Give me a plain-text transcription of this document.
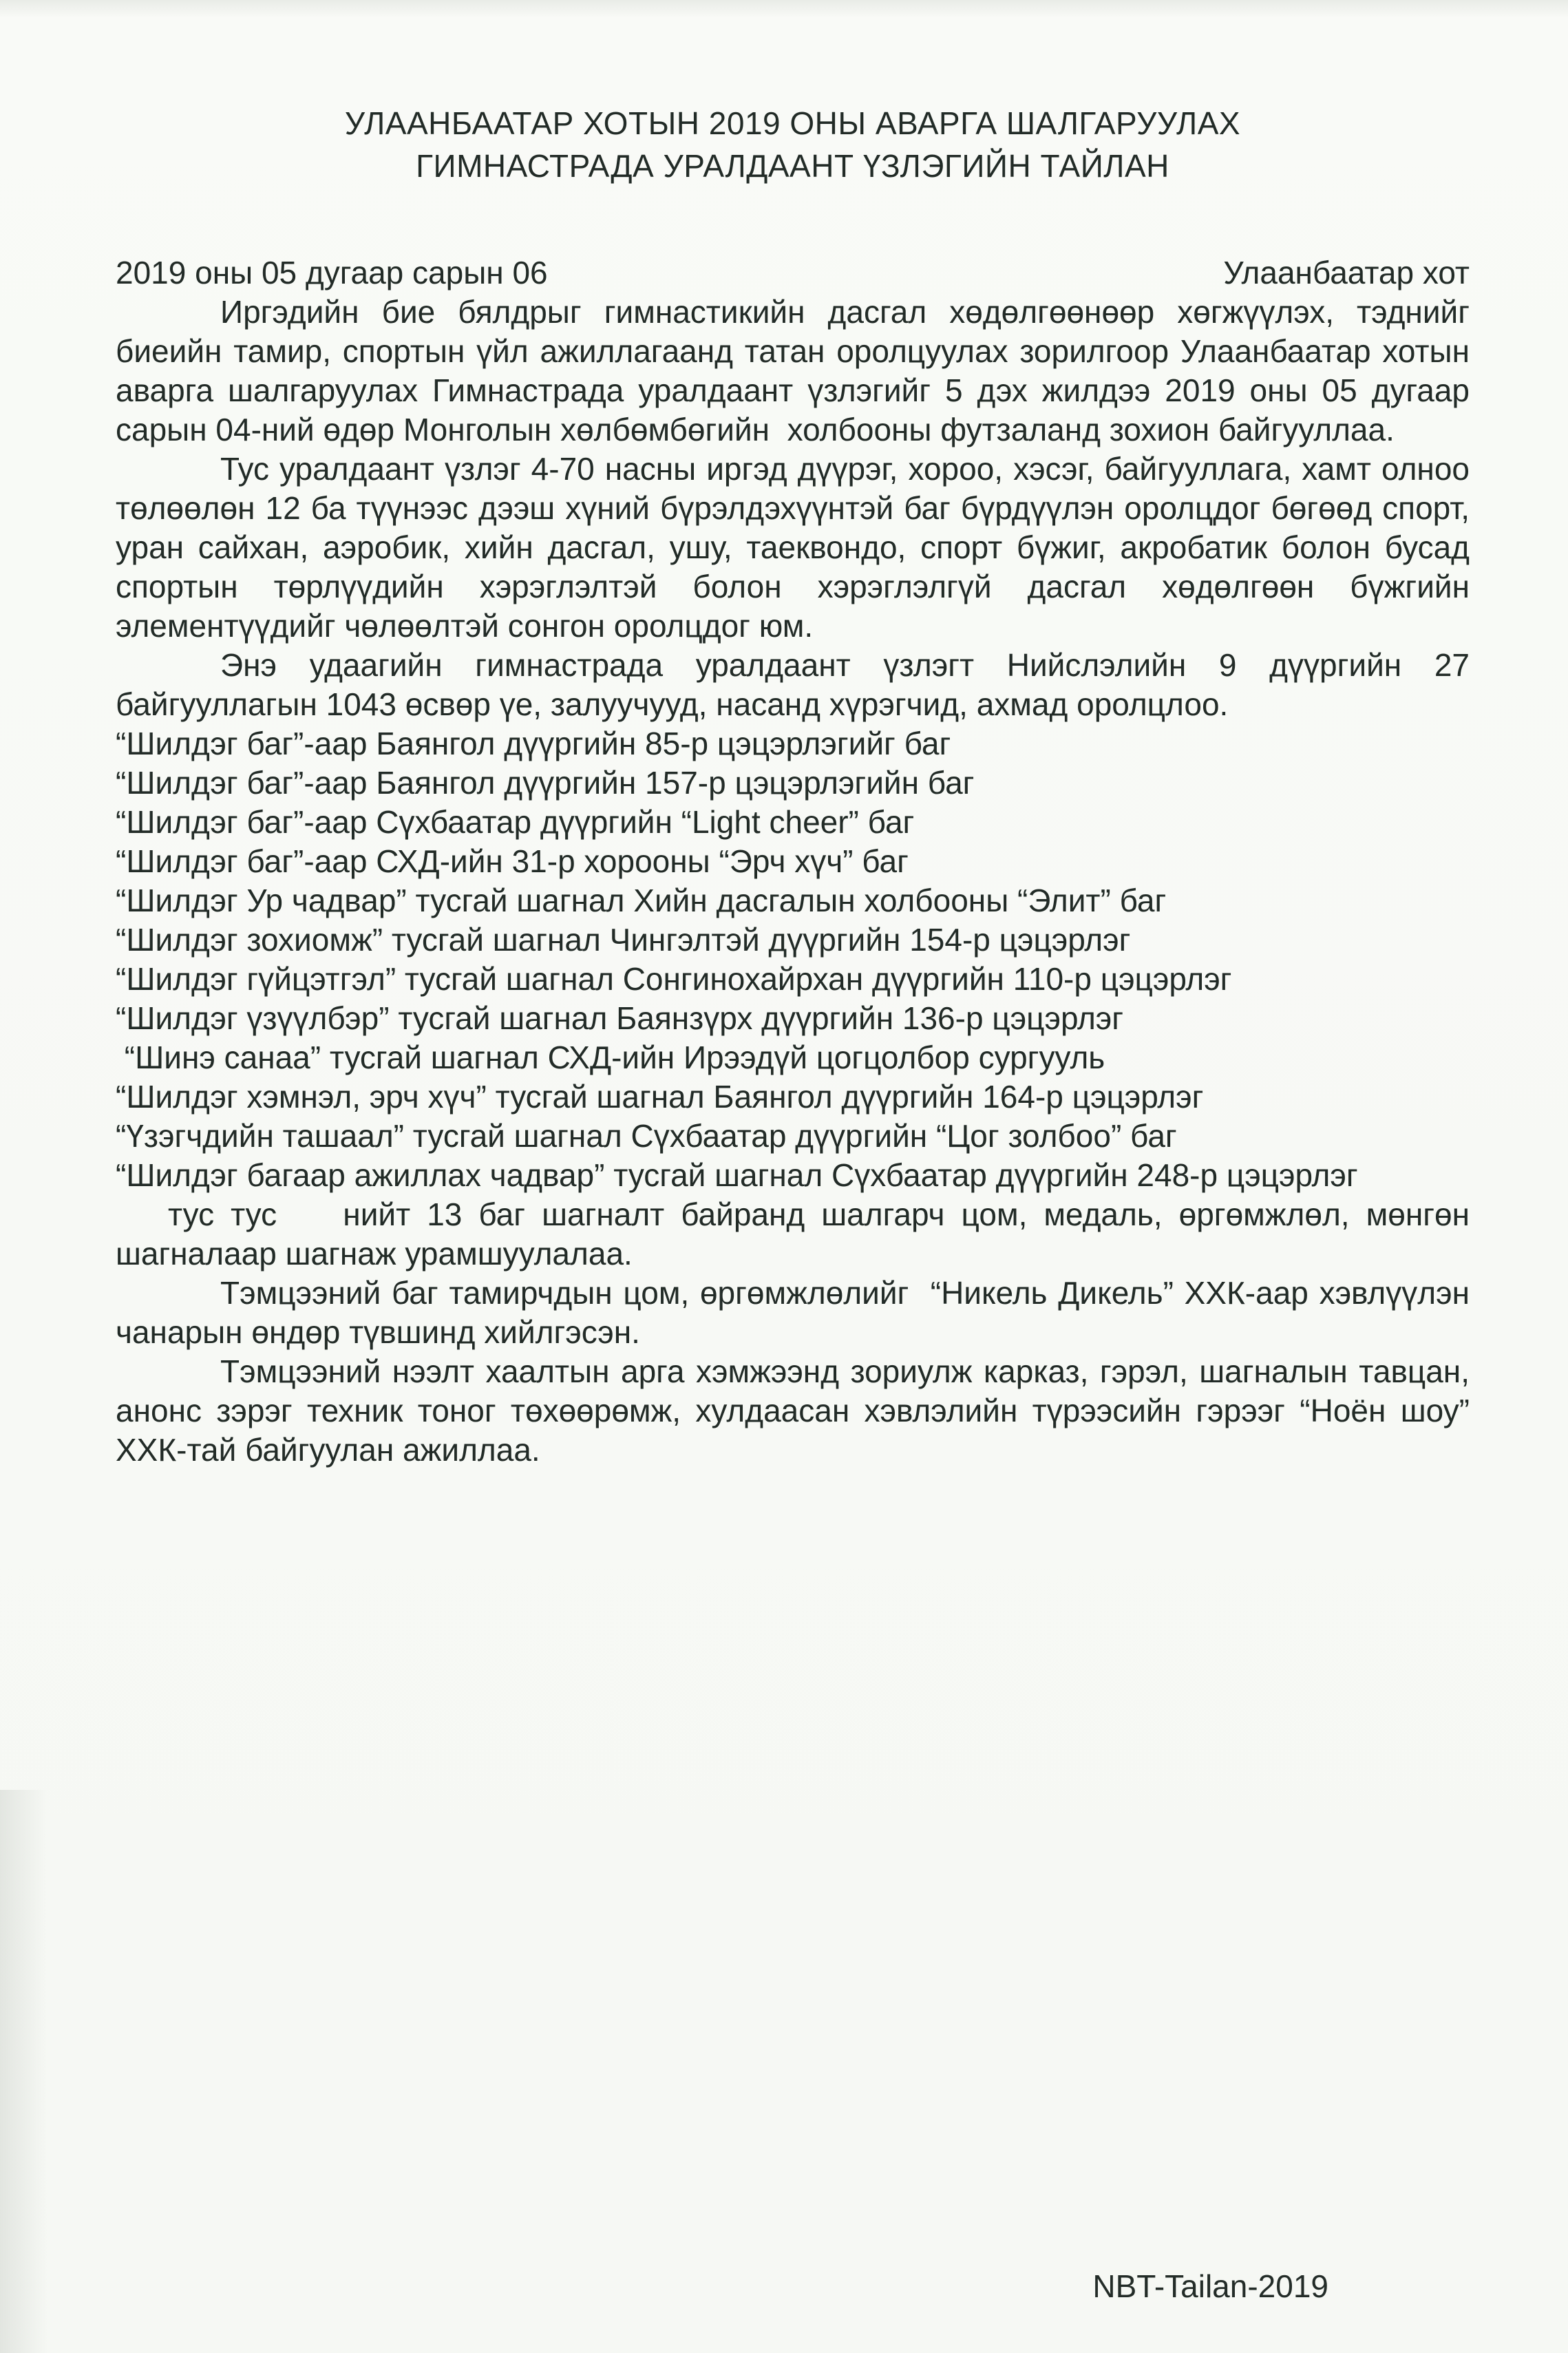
УЛААНБААТАР ХОТЫН 2019 ОНЫ АВАРГА ШАЛГАРУУЛАХ
ГИМНАСТРАДА УРАЛДААНТ ҮЗЛЭГИЙН ТАЙЛАН
2019 оны 05 дугаар сарын 06	Улаанбаатар хот

Иргэдийн бие бялдрыг гимнастикийн дасгал хөдөлгөөнөөр хөгжүүлэх, тэднийг биеийн тамир, спортын үйл ажиллагаанд татан оролцуулах зорилгоор Улаанбаатар хотын аварга шалгаруулах Гимнастрада уралдаант үзлэгийг 5 дэх жилдээ 2019 оны 05 дугаар сарын 04-ний өдөр Монголын хөлбөмбөгийн  холбооны футзаланд зохион байгууллаа.

Тус уралдаант үзлэг 4-70 насны иргэд дүүрэг, хороо, хэсэг, байгууллага, хамт олноо төлөөлөн 12 ба түүнээс дээш хүний бүрэлдэхүүнтэй баг бүрдүүлэн оролцдог бөгөөд спорт, уран сайхан, аэробик, хийн дасгал, ушу, таеквондо, спорт бүжиг, акробатик болон бусад спортын төрлүүдийн хэрэглэлтэй болон хэрэглэлгүй дасгал хөдөлгөөн бүжгийн элементүүдийг чөлөөлтэй сонгон оролцдог юм.

Энэ удаагийн гимнастрада уралдаант үзлэгт Нийслэлийн 9 дүүргийн 27 байгууллагын 1043 өсвөр үе, залуучууд, насанд хүрэгчид, ахмад оролцлоо.

“Шилдэг баг”-аар Баянгол дүүргийн 85-р цэцэрлэгийг баг
“Шилдэг баг”-аар Баянгол дүүргийн 157-р цэцэрлэгийн баг
“Шилдэг баг”-аар Сүхбаатар дүүргийн “Light cheer” баг
“Шилдэг баг”-аар СХД-ийн 31-р хорооны “Эрч хүч” баг
“Шилдэг Ур чадвар” тусгай шагнал Хийн дасгалын холбооны “Элит” баг
“Шилдэг зохиомж” тусгай шагнал Чингэлтэй дүүргийн 154-р цэцэрлэг
“Шилдэг гүйцэтгэл” тусгай шагнал Сонгинохайрхан дүүргийн 110-р цэцэрлэг
“Шилдэг үзүүлбэр” тусгай шагнал Баянзүрх дүүргийн 136-р цэцэрлэг
“Шинэ санаа” тусгай шагнал СХД-ийн Ирээдүй цогцолбор сургууль
“Шилдэг хэмнэл, эрч хүч” тусгай шагнал Баянгол дүүргийн 164-р цэцэрлэг
“Үзэгчдийн ташаал” тусгай шагнал Сүхбаатар дүүргийн “Цог золбоо” баг
“Шилдэг багаар ажиллах чадвар” тусгай шагнал Сүхбаатар дүүргийн 248-р цэцэрлэг

тус тус    нийт 13 баг шагналт байранд шалгарч цом, медаль, өргөмжлөл, мөнгөн шагналаар шагнаж урамшуулалаа.

Тэмцээний баг тамирчдын цом, өргөмжлөлийг  “Никель Дикель” ХХК-аар хэвлүүлэн чанарын өндөр түвшинд хийлгэсэн.

Тэмцээний нээлт хаалтын арга хэмжээнд зориулж карказ, гэрэл, шагналын тавцан, анонс зэрэг техник тоног төхөөрөмж, хулдаасан хэвлэлийн түрээсийн гэрээг “Ноён шоу” ХХК-тай байгуулан ажиллаа.

NBT-Tailan-2019
